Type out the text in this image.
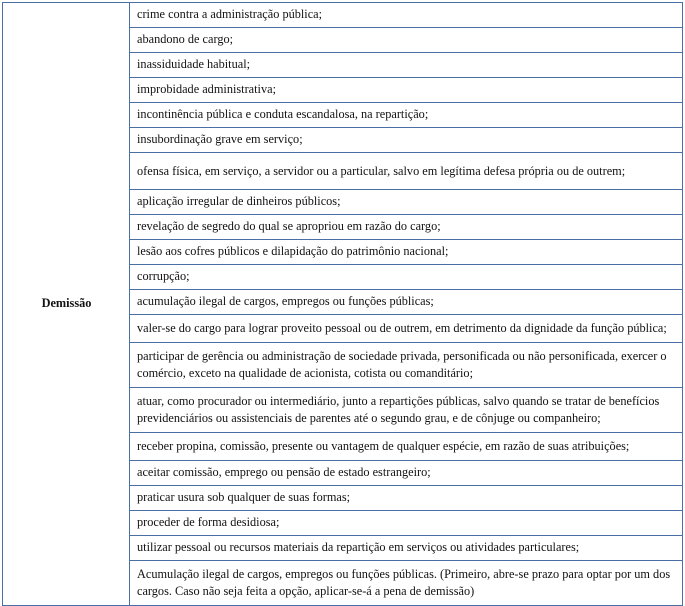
Demissão	crime contra a administração pública;
abandono de cargo;
inassiduidade habitual;
improbidade administrativa;
incontinência pública e conduta escandalosa, na repartição;
insubordinação grave em serviço;
ofensa física, em serviço, a servidor ou a particular, salvo em legítima defesa própria ou de outrem;
aplicação irregular de dinheiros públicos;
revelação de segredo do qual se apropriou em razão do cargo;
lesão aos cofres públicos e dilapidação do patrimônio nacional;
corrupção;
acumulação ilegal de cargos, empregos ou funções públicas;
valer-se do cargo para lograr proveito pessoal ou de outrem, em detrimento da dignidade da função pública;
participar de gerência ou administração de sociedade privada, personificada ou não personificada, exercer o comércio, exceto na qualidade de acionista, cotista ou comanditário;
atuar, como procurador ou intermediário, junto a repartições públicas, salvo quando se tratar de benefícios previdenciários ou assistenciais de parentes até o segundo grau, e de cônjuge ou companheiro;
receber propina, comissão, presente ou vantagem de qualquer espécie, em razão de suas atribuições;
aceitar comissão, emprego ou pensão de estado estrangeiro;
praticar usura sob qualquer de suas formas;
proceder de forma desidiosa;
utilizar pessoal ou recursos materiais da repartição em serviços ou atividades particulares;
Acumulação ilegal de cargos, empregos ou funções públicas. (Primeiro, abre-se prazo para optar por um dos cargos. Caso não seja feita a opção, aplicar-se-á a pena de demissão)
